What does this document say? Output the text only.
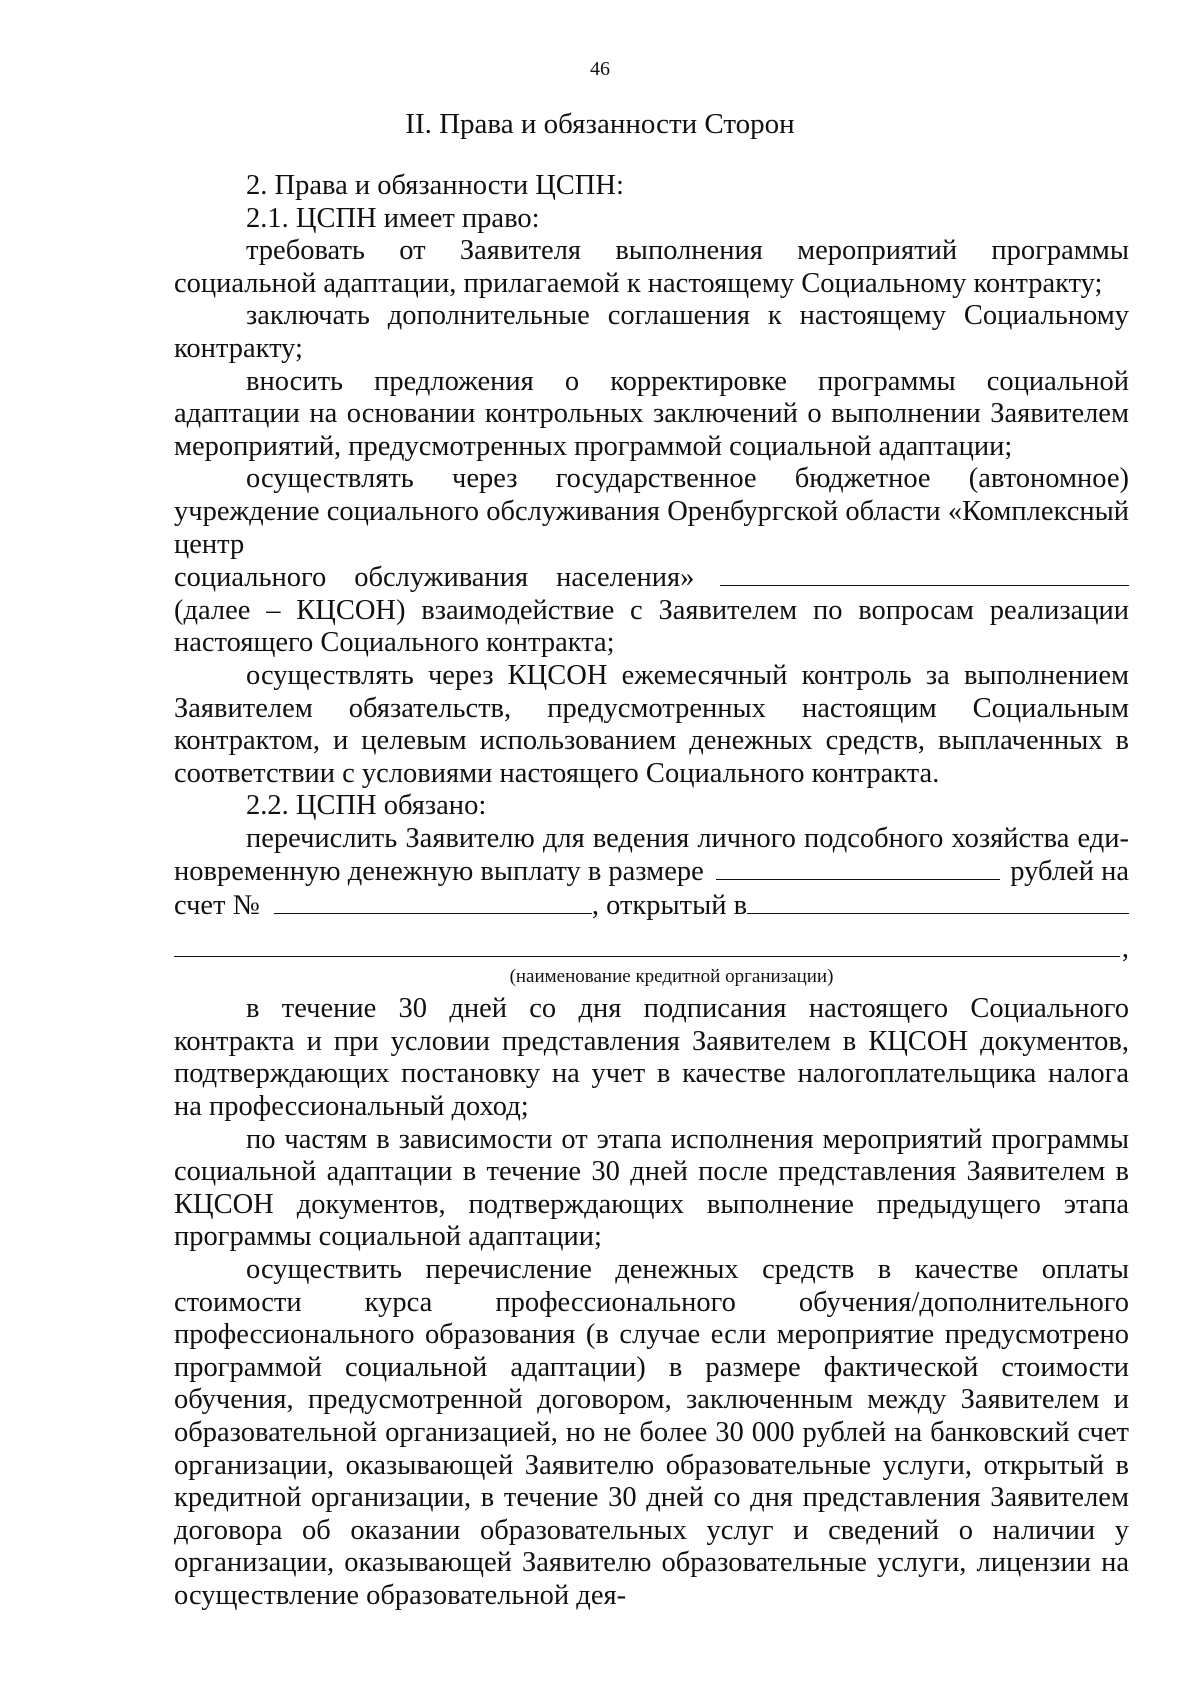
46
II. Права и обязанности Сторон

2. Права и обязанности ЦСПН:

2.1. ЦСПН имеет право:

требовать от Заявителя выполнения мероприятий программы социальной адаптации, прилагаемой к настоящему Социальному контракту;

заключать дополнительные соглашения к настоящему Социальному контракту;

вносить предложения о корректировке программы социальной адаптации на основании контрольных заключений о выполнении Заявителем мероприятий, предусмотренных программой социальной адаптации;

осуществлять через государственное бюджетное (автономное) учреждение социального обслуживания Оренбургской области «Комплексный центр

социального обслуживания населения»

(далее – КЦСОН) взаимодействие с Заявителем по вопросам реализации настоящего Социального контракта;

осуществлять через КЦСОН ежемесячный контроль за выполнением Заявителем обязательств, предусмотренных настоящим Социальным контрактом, и целевым использованием денежных средств, выплаченных в соответствии с условиями настоящего Социального контракта.

2.2. ЦСПН обязано:

перечислить Заявителю для ведения личного подсобного хозяйства еди-

новременную денежную выплату в размере	рублей на
счет №	, открытый в
,

(наименование кредитной организации)

в течение 30 дней со дня подписания настоящего Социального контракта и при условии представления Заявителем в КЦСОН документов, подтверждающих постановку на учет в качестве налогоплательщика налога на профессиональный доход;

по частям в зависимости от этапа исполнения мероприятий программы социальной адаптации в течение 30 дней после представления Заявителем в КЦСОН документов, подтверждающих выполнение предыдущего этапа программы социальной адаптации;

осуществить перечисление денежных средств в качестве оплаты стоимости курса профессионального обучения/дополнительного профессионального образования (в случае если мероприятие предусмотрено программой социальной адаптации) в размере фактической стоимости обучения, предусмотренной договором, заключенным между Заявителем и образовательной организацией, но не более 30 000 рублей на банковский счет организации, оказывающей Заявителю образовательные услуги, открытый в кредитной организации, в течение 30 дней со дня представления Заявителем договора об оказании образовательных услуг и сведений о наличии у организации, оказывающей Заявителю образовательные услуги, лицензии на осуществление образовательной дея-
